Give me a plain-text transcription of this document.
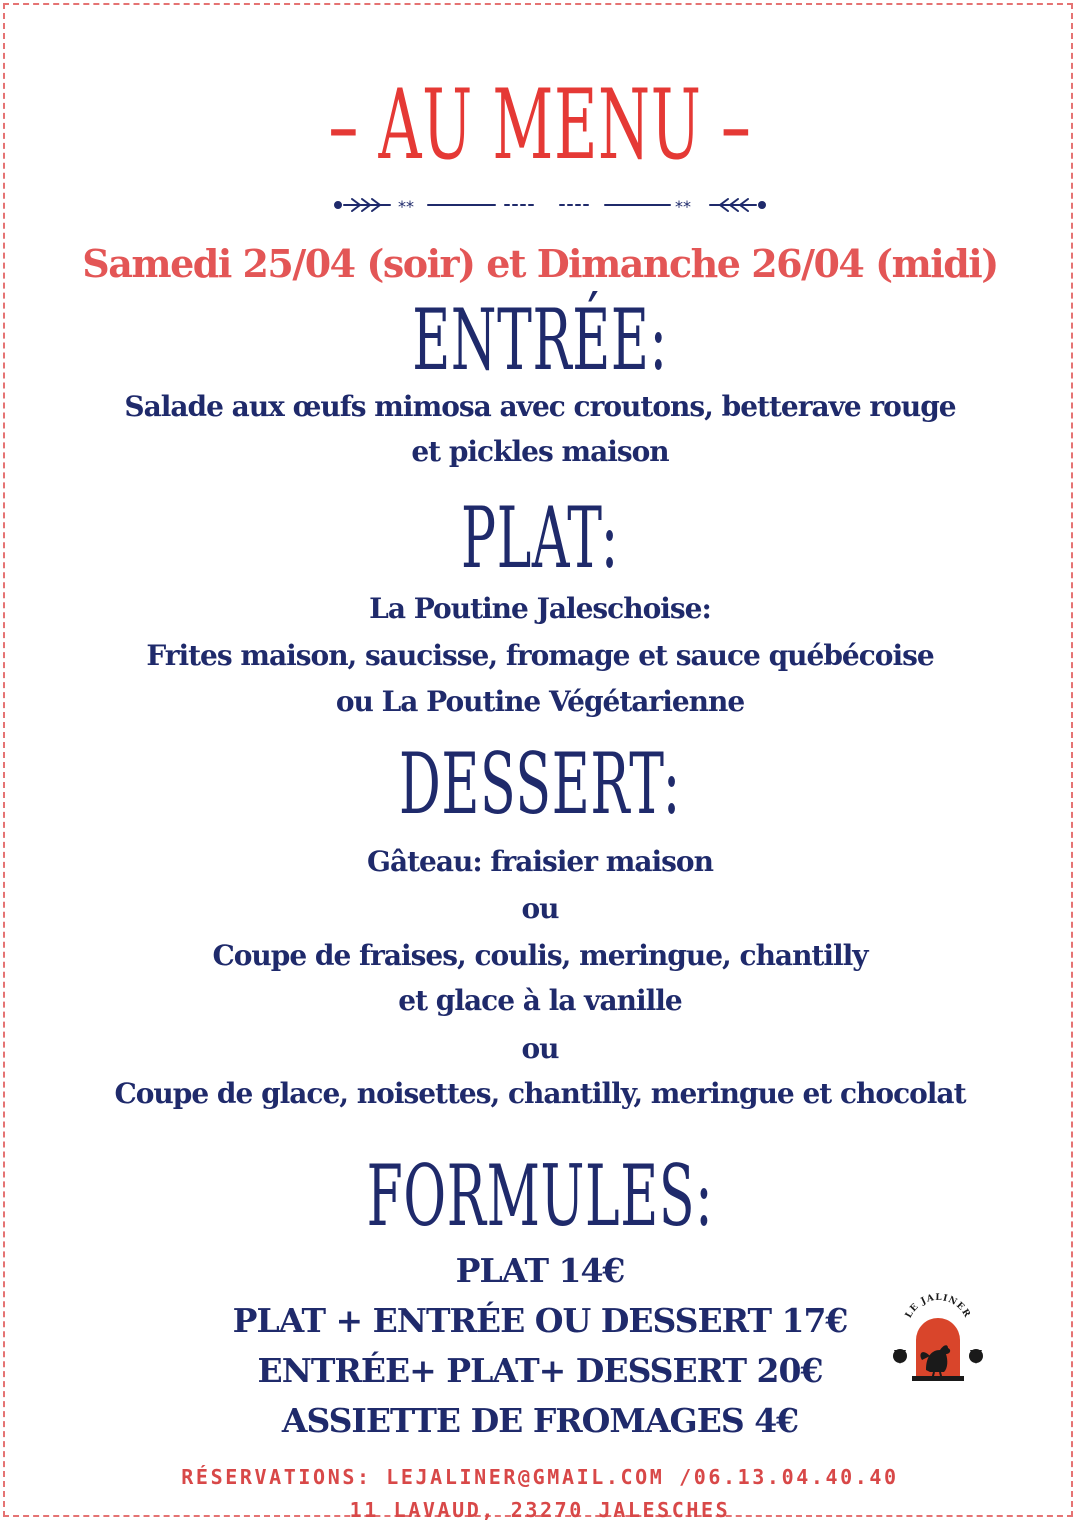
– AU MENU –
**	**
Samedi 25/04 (soir) et Dimanche 26/04 (midi)
ENTRÉE:
Salade aux œufs mimosa avec croutons, betterave rouge
et pickles maison
PLAT:
La Poutine Jaleschoise:
Frites maison, saucisse, fromage et sauce québécoise
ou La Poutine Végétarienne
DESSERT:
Gâteau: fraisier maison
ou
Coupe de fraises, coulis, meringue, chantilly
et glace à la vanille
ou
Coupe de glace, noisettes, chantilly, meringue et chocolat
FORMULES:
PLAT 14€
PLAT + ENTRÉE OU DESSERT 17€
ENTRÉE+ PLAT+ DESSERT 20€
ASSIETTE DE FROMAGES 4€
LE JALINER
RÉSERVATIONS: LEJALINER@GMAIL.COM /06.13.04.40.40
11 LAVAUD, 23270 JALESCHES
